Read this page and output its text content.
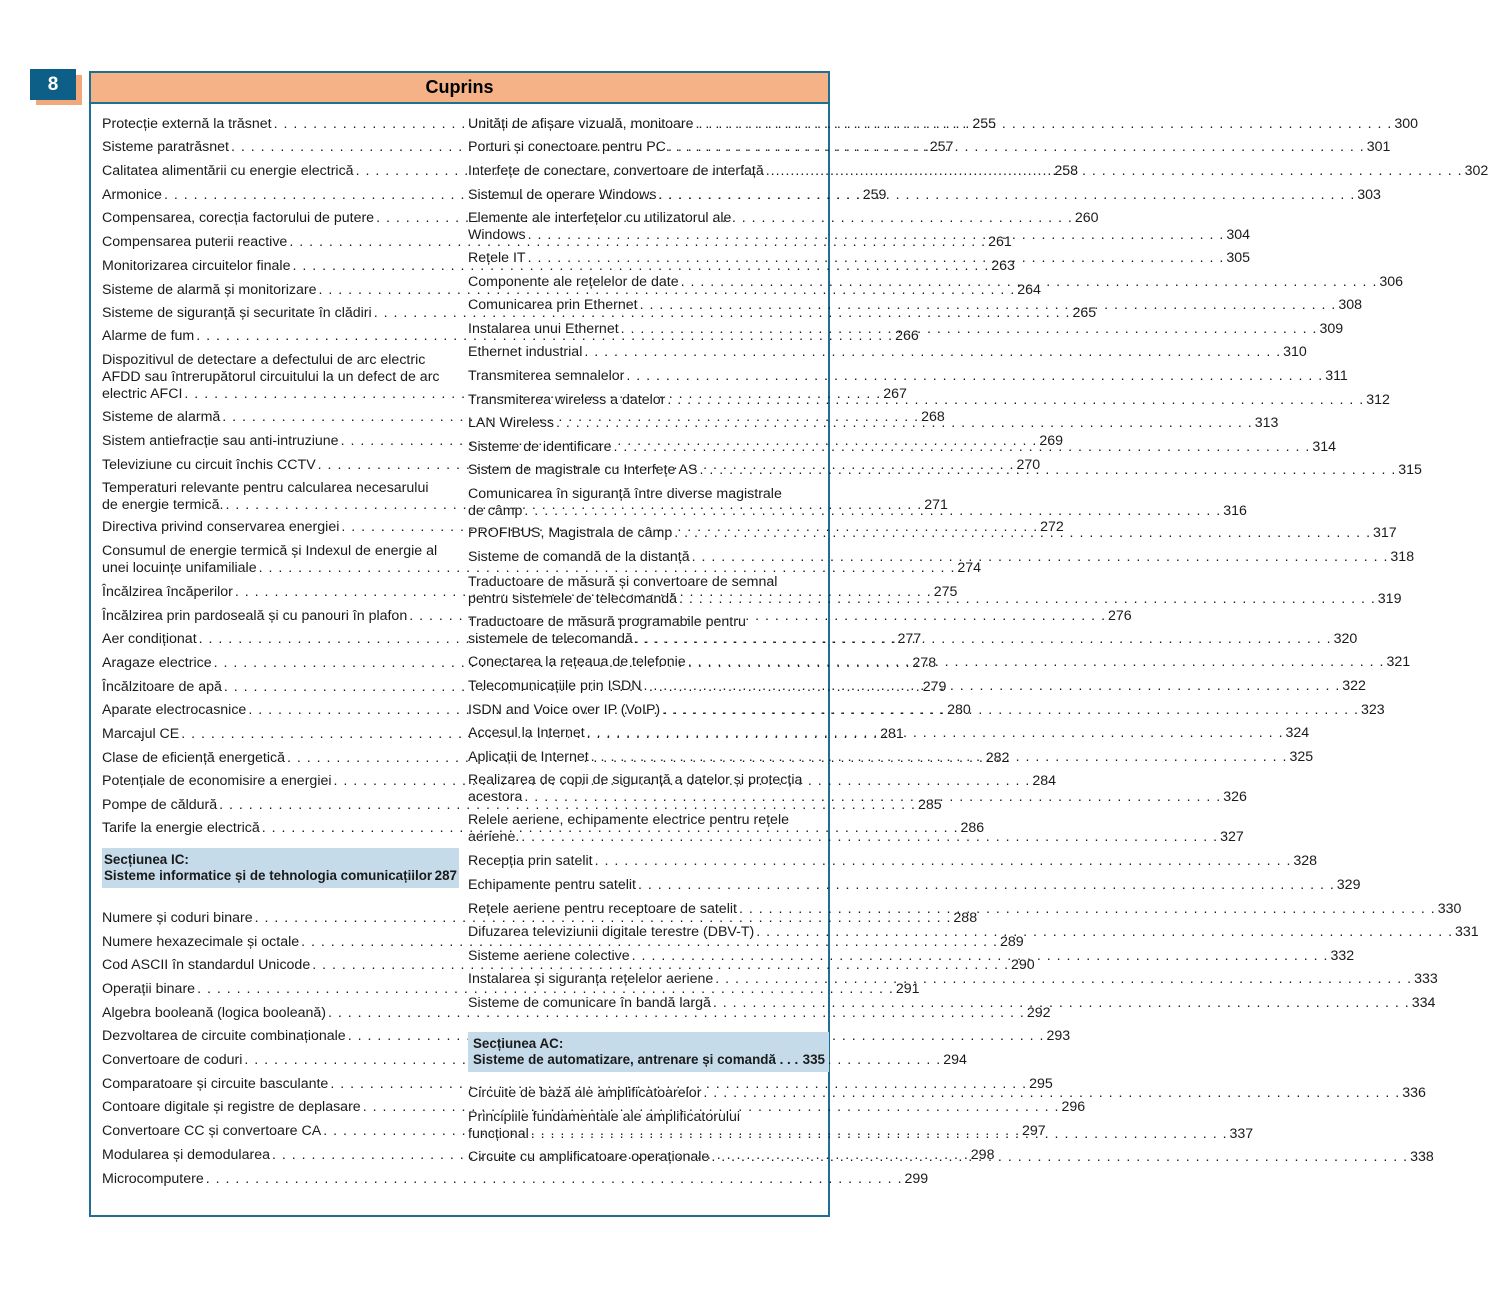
8	Cuprins
Protecție externă la trăsnet . . .	255
Sisteme paratrăsnet . . .	257
Calitatea alimentării cu energie electrică . . .	258
Armonice . . .	259
Compensarea, corecția factorului de putere . . .	260
Compensarea puterii reactive . . .	261
Monitorizarea circuitelor finale . . .	263
Sisteme de alarmă și monitorizare . . .	264
Sisteme de siguranță și securitate în clădiri . . .	265
Alarme de fum . . .	266
Dispozitivul de detectare a defectului de arc electric
AFDD sau întrerupătorul circuitului la un defect de arc
electric AFCI . . .	267
Sisteme de alarmă . . .	268
Sistem antiefracție sau anti-intruziune . . .	269
Televiziune cu circuit închis CCTV . . .	270
Temperaturi relevante pentru calcularea necesarului
de energie termică. . . .	271
Directiva privind conservarea energiei . . .	272
Consumul de energie termică și Indexul de energie al
unei locuințe unifamiliale . . .	274
Încălzirea încăperilor . . .	275
Încălzirea prin pardoseală și cu panouri în plafon . . .	276
Aer condiționat . . .	277
Aragaze electrice . . .	278
Încălzitoare de apă . . .	279
Aparate electrocasnice . . .	280
Marcajul CE . . .	281
Clase de eficiență energetică . . .	282
Potențiale de economisire a energiei . . .	284
Pompe de căldură . . .	285
Tarife la energie electrică . . .	286
Numere și coduri binare . . .	288
Numere hexazecimale și octale . . .	289
Cod ASCII în standardul Unicode . . .	290
Operații binare . . .	291
Algebra booleană (logica booleană) . . .	292
Dezvoltarea de circuite combinaționale . . .	293
Convertoare de coduri . . .	294
Comparatoare și circuite basculante . . .	295
Contoare digitale și registre de deplasare . . .	296
Convertoare CC și convertoare CA . . .	297
Modularea și demodularea . . .	298
Microcomputere . . .	299
Unități de afișare vizuală, monitoare . . .	300
Porturi și conectoare pentru PC . . .	301
Interfețe de conectare, convertoare de interfață . . .	302
Sistemul de operare Windows . . .	303
Elemente ale interfețelor cu utilizatorul ale
Windows . . .	304
Rețele IT . . .	305
Componente ale rețelelor de date . . .	306
Comunicarea prin Ethernet . . .	308
Instalarea unui Ethernet . . .	309
Ethernet industrial . . .	310
Transmiterea semnalelor . . .	311
Transmiterea wireless a datelor . . .	312
LAN Wireless . . .	313
Sisteme de identificare . . .	314
Sistem de magistrale cu Interfețe AS . . .	315
Comunicarea în siguranță între diverse magistrale
de câmp . . .	316
PROFIBUS, Magistrala de câmp . . .	317
Sisteme de comandă de la distanță . . .	318
Traductoare de măsură și convertoare de semnal
pentru sistemele de telecomandă . . .	319
Traductoare de măsură programabile pentru
sistemele de telecomandă . . .	320
Conectarea la rețeaua de telefonie . . .	321
Telecomunicațiile prin ISDN . . .	322
ISDN and Voice over IP (VoIP) . . .	323
Accesul la Internet . . .	324
Aplicații de Internet . . .	325
Realizarea de copii de siguranță a datelor și protecția
acestora . . .	326
Relele aeriene, echipamente electrice pentru rețele
aeriene. . . .	327
Recepția prin satelit . . .	328
Echipamente pentru satelit . . .	329
Rețele aeriene pentru receptoare de satelit . . .	330
Difuzarea televiziunii digitale terestre (DBV-T) . . .	331
Sisteme aeriene colective . . .	332
Instalarea și siguranța rețelelor aeriene . . .	333
Sisteme de comunicare în bandă largă . . .	334
Circuite de bază ale amplificatoarelor . . .	336
Principiile fundamentale ale amplificatorului
funcțional . . .	337
Circuite cu amplificatoare operaționale . . .	338
Secțiunea IC:
Sisteme informatice și de tehnologia comunicațiilor 287
Secțiunea AC:
Sisteme de automatizare, antrenare și comandă . . . 335
